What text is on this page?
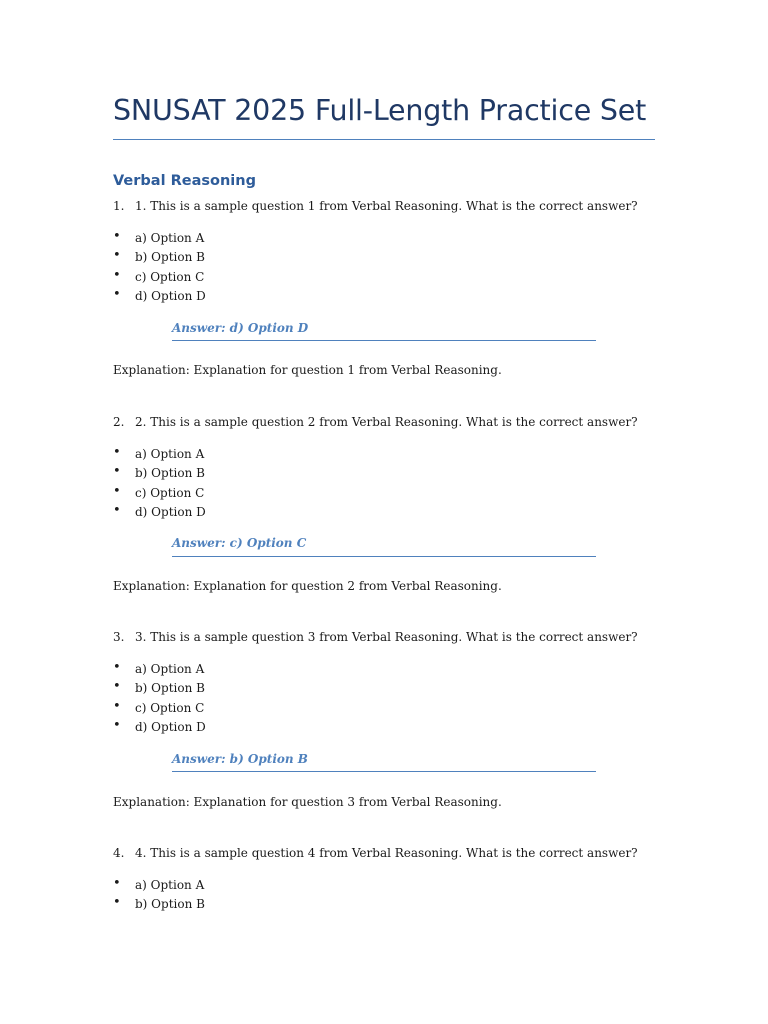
SNUSAT 2025 Full-Length Practice Set
Verbal Reasoning
1. 1. This is a sample question 1 from Verbal Reasoning. What is the correct answer?
• a) Option A
• b) Option B
• c) Option C
• d) Option D
Answer: d) Option D
Explanation: Explanation for question 1 from Verbal Reasoning.
2. 2. This is a sample question 2 from Verbal Reasoning. What is the correct answer?
• a) Option A
• b) Option B
• c) Option C
• d) Option D
Answer: c) Option C
Explanation: Explanation for question 2 from Verbal Reasoning.
3. 3. This is a sample question 3 from Verbal Reasoning. What is the correct answer?
• a) Option A
• b) Option B
• c) Option C
• d) Option D
Answer: b) Option B
Explanation: Explanation for question 3 from Verbal Reasoning.
4. 4. This is a sample question 4 from Verbal Reasoning. What is the correct answer?
• a) Option A
• b) Option B
